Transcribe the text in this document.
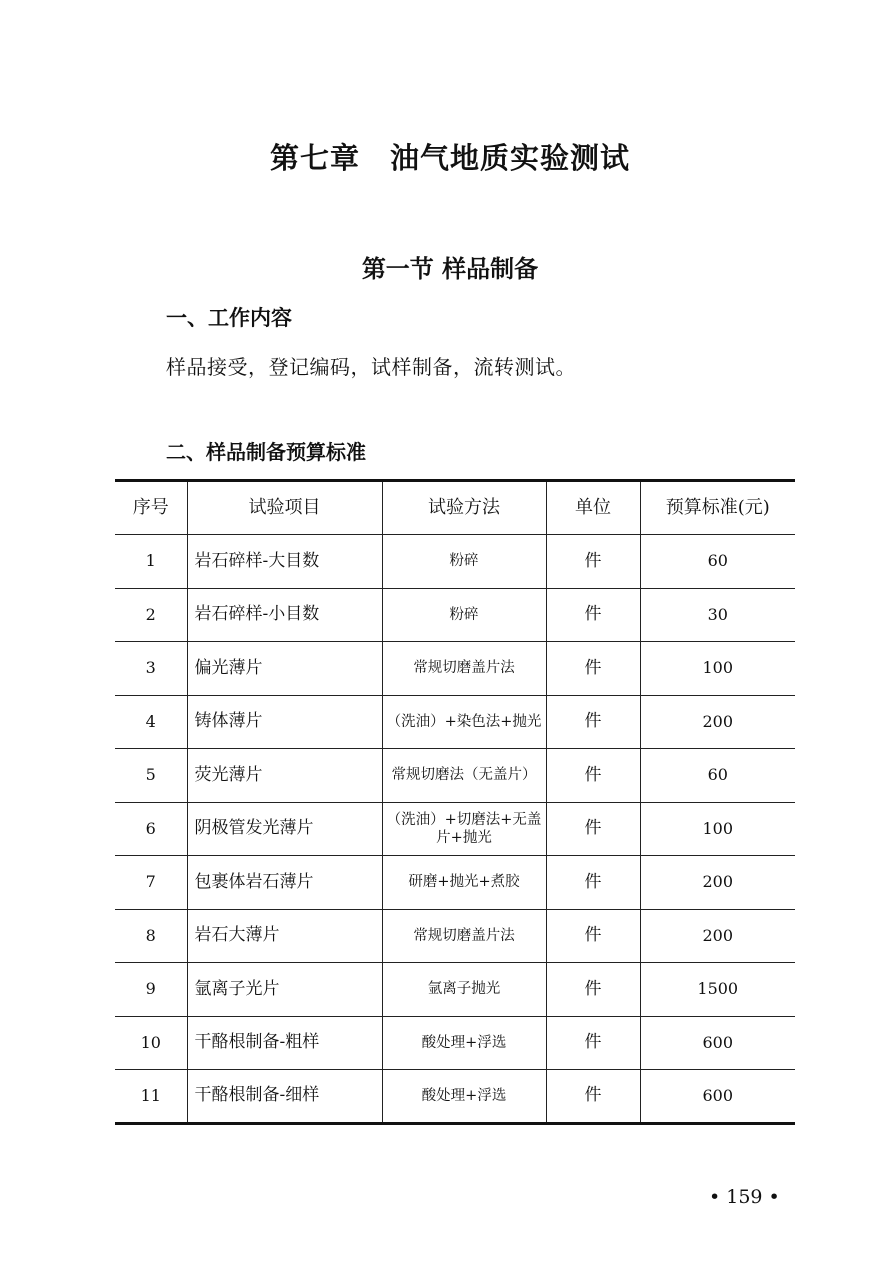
第七章　油气地质实验测试
第一节 样品制备
一、工作内容

样品接受，登记编码，试样制备，流转测试。

二、样品制备预算标准
序号	试验项目	试验方法	单位	预算标准(元)
1	岩石碎样-大目数	粉碎	件	60
2	岩石碎样-小目数	粉碎	件	30
3	偏光薄片	常规切磨盖片法	件	100
4	铸体薄片	（洗油）+染色法+抛光	件	200
5	荧光薄片	常规切磨法（无盖片）	件	60
6	阴极管发光薄片	（洗油）+切磨法+无盖片+抛光	件	100
7	包裹体岩石薄片	研磨+抛光+煮胶	件	200
8	岩石大薄片	常规切磨盖片法	件	200
9	氩离子光片	氩离子抛光	件	1500
10	干酪根制备-粗样	酸处理+浮选	件	600
11	干酪根制备-细样	酸处理+浮选	件	600

• 159 •
